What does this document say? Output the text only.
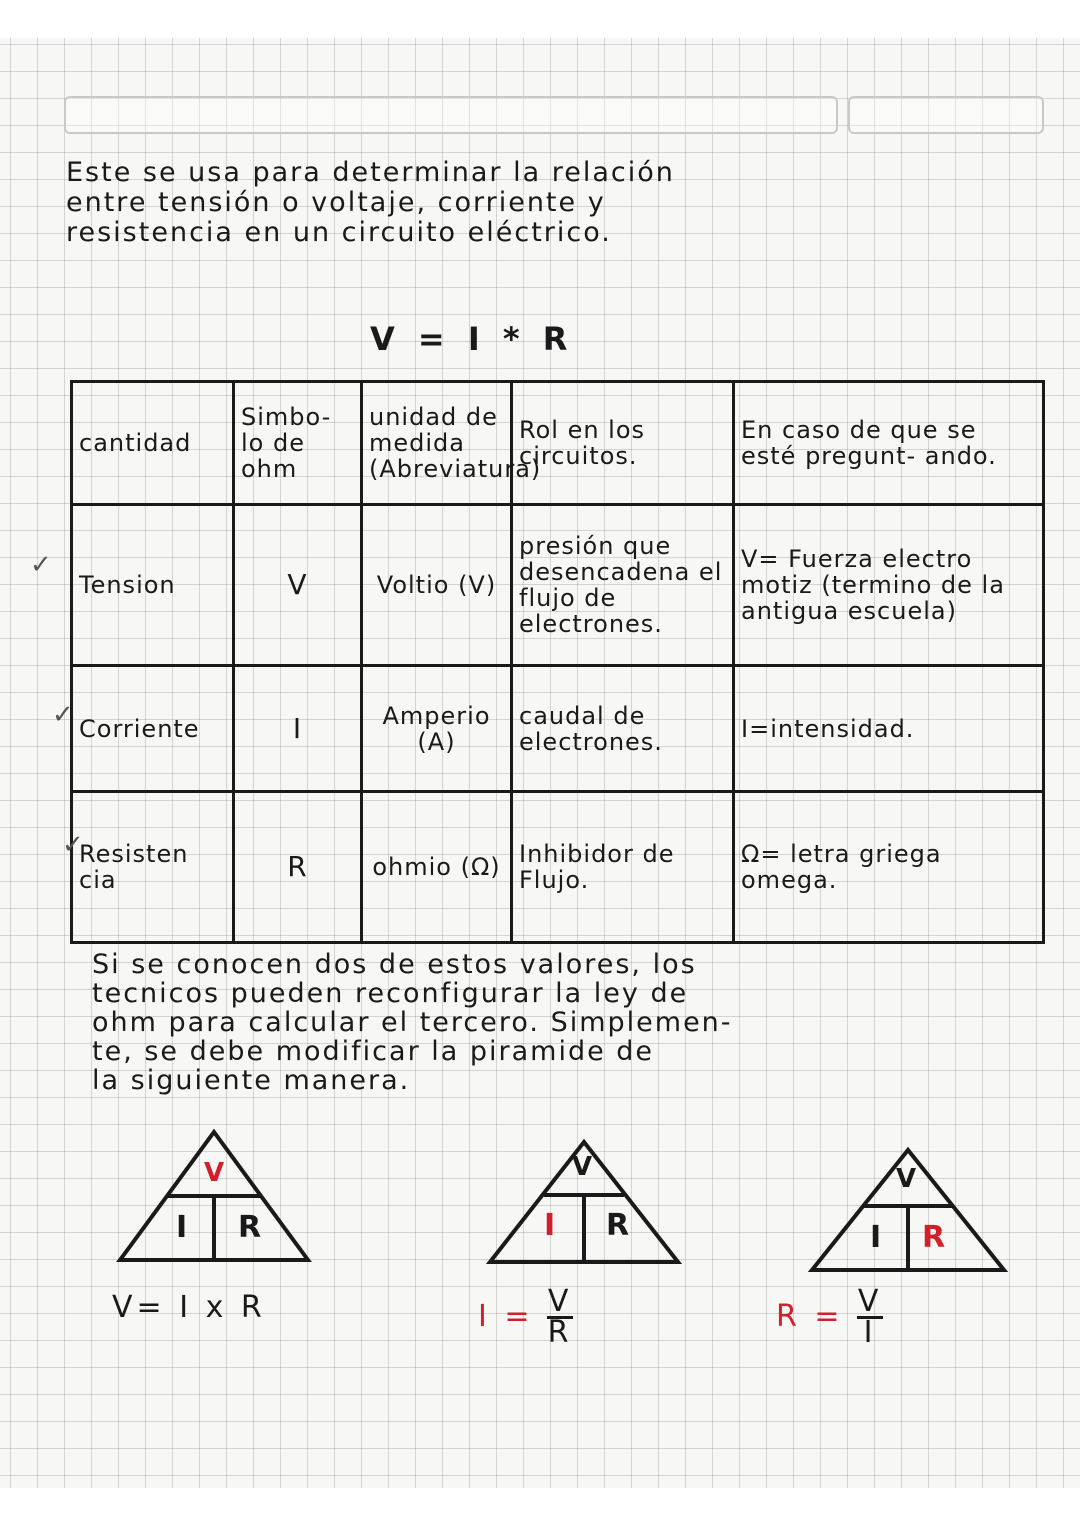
Este se usa para determinar la relación
entre tensión o voltaje, corriente y
resistencia en un circuito eléctrico.
V = I * R
cantidad	Simbo- lo de ohm	unidad de medida (Abreviatura)	Rol en los circuitos.	En caso de que se esté pregunt- ando.
Tension	V	Voltio (V)	presión que desencadena el flujo de electrones.	V= Fuerza electro motiz (termino de la antigua escuela)
Corriente	I	Amperio (A)	caudal de electrones.	I=intensidad.
Resisten cia	R	ohmio (Ω)	Inhibidor de Flujo.	Ω= letra griega omega.
✓
✓
✓
Si se conocen dos de estos valores, los
tecnicos pueden reconfigurar la ley de
ohm para calcular el tercero. Simplemen-
te, se debe modificar la piramide de
la siguiente manera.
V
I R
V= I x R
V
I R
$I = \frac{V}{R}$
V
I R
$R = \frac{V}{I}$
